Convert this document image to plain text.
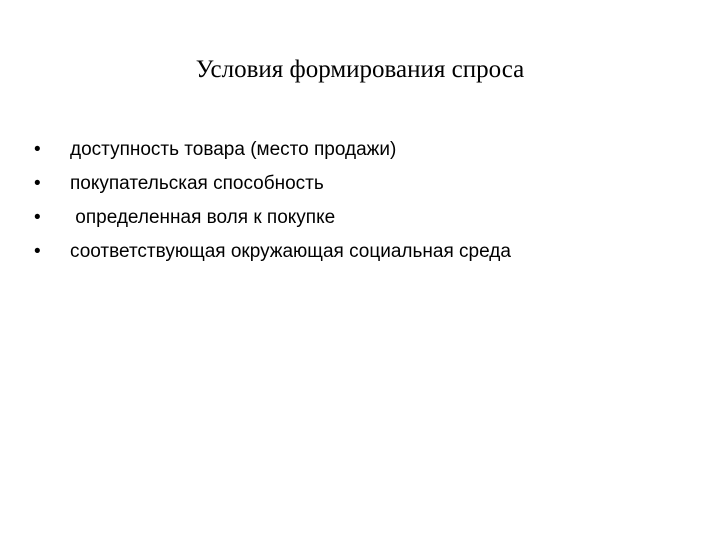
Условия формирования спроса
•	доступность товара (место продажи)
•	покупательская способность
•	определенная воля к покупке
•	соответствующая окружающая социальная среда
